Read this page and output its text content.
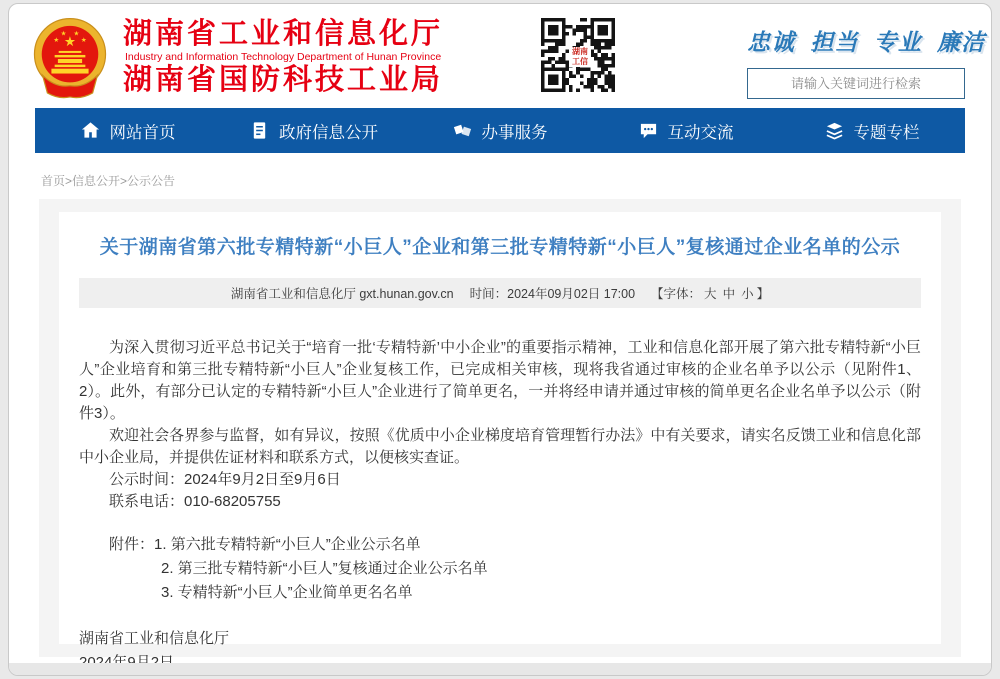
★
★
★ ★
★ 湖南省工业和信息化厅
Industry and Information Technology Department of Hunan Province
湖南省国防科技工业局
湖南工信
忠诚 担当 专业 廉洁
请输入关键词进行检索
网站首页	政府信息公开	办事服务	互动交流	专题专栏
首页>信息公开>公示公告
关于湖南省第六批专精特新“小巨人”企业和第三批专精特新“小巨人”复核通过企业名单的公示
湖南省工业和信息化厅 gxt.hunan.gov.cn 时间： 2024年09月02日 17:00 【字体： 大 中 小 】

为深入贯彻习近平总书记关于“培育一批‘专精特新’中小企业”的重要指示精神，工业和信息化部开展了第六批专精特新“小巨人”企业培育和第三批专精特新“小巨人”企业复核工作，已完成相关审核，现将我省通过审核的企业名单予以公示（见附件1、2）。此外，有部分已认定的专精特新“小巨人”企业进行了简单更名，一并将经申请并通过审核的简单更名企业名单予以公示（附件3）。

欢迎社会各界参与监督，如有异议，按照《优质中小企业梯度培育管理暂行办法》中有关要求，请实名反馈工业和信息化部中小企业局，并提供佐证材料和联系方式，以便核实查证。

公示时间：2024年9月2日至9月6日

联系电话：010-68205755

附件：1. 第六批专精特新“小巨人”企业公示名单

2. 第三批专精特新“小巨人”复核通过企业公示名单

3. 专精特新“小巨人”企业简单更名名单

湖南省工业和信息化厅
